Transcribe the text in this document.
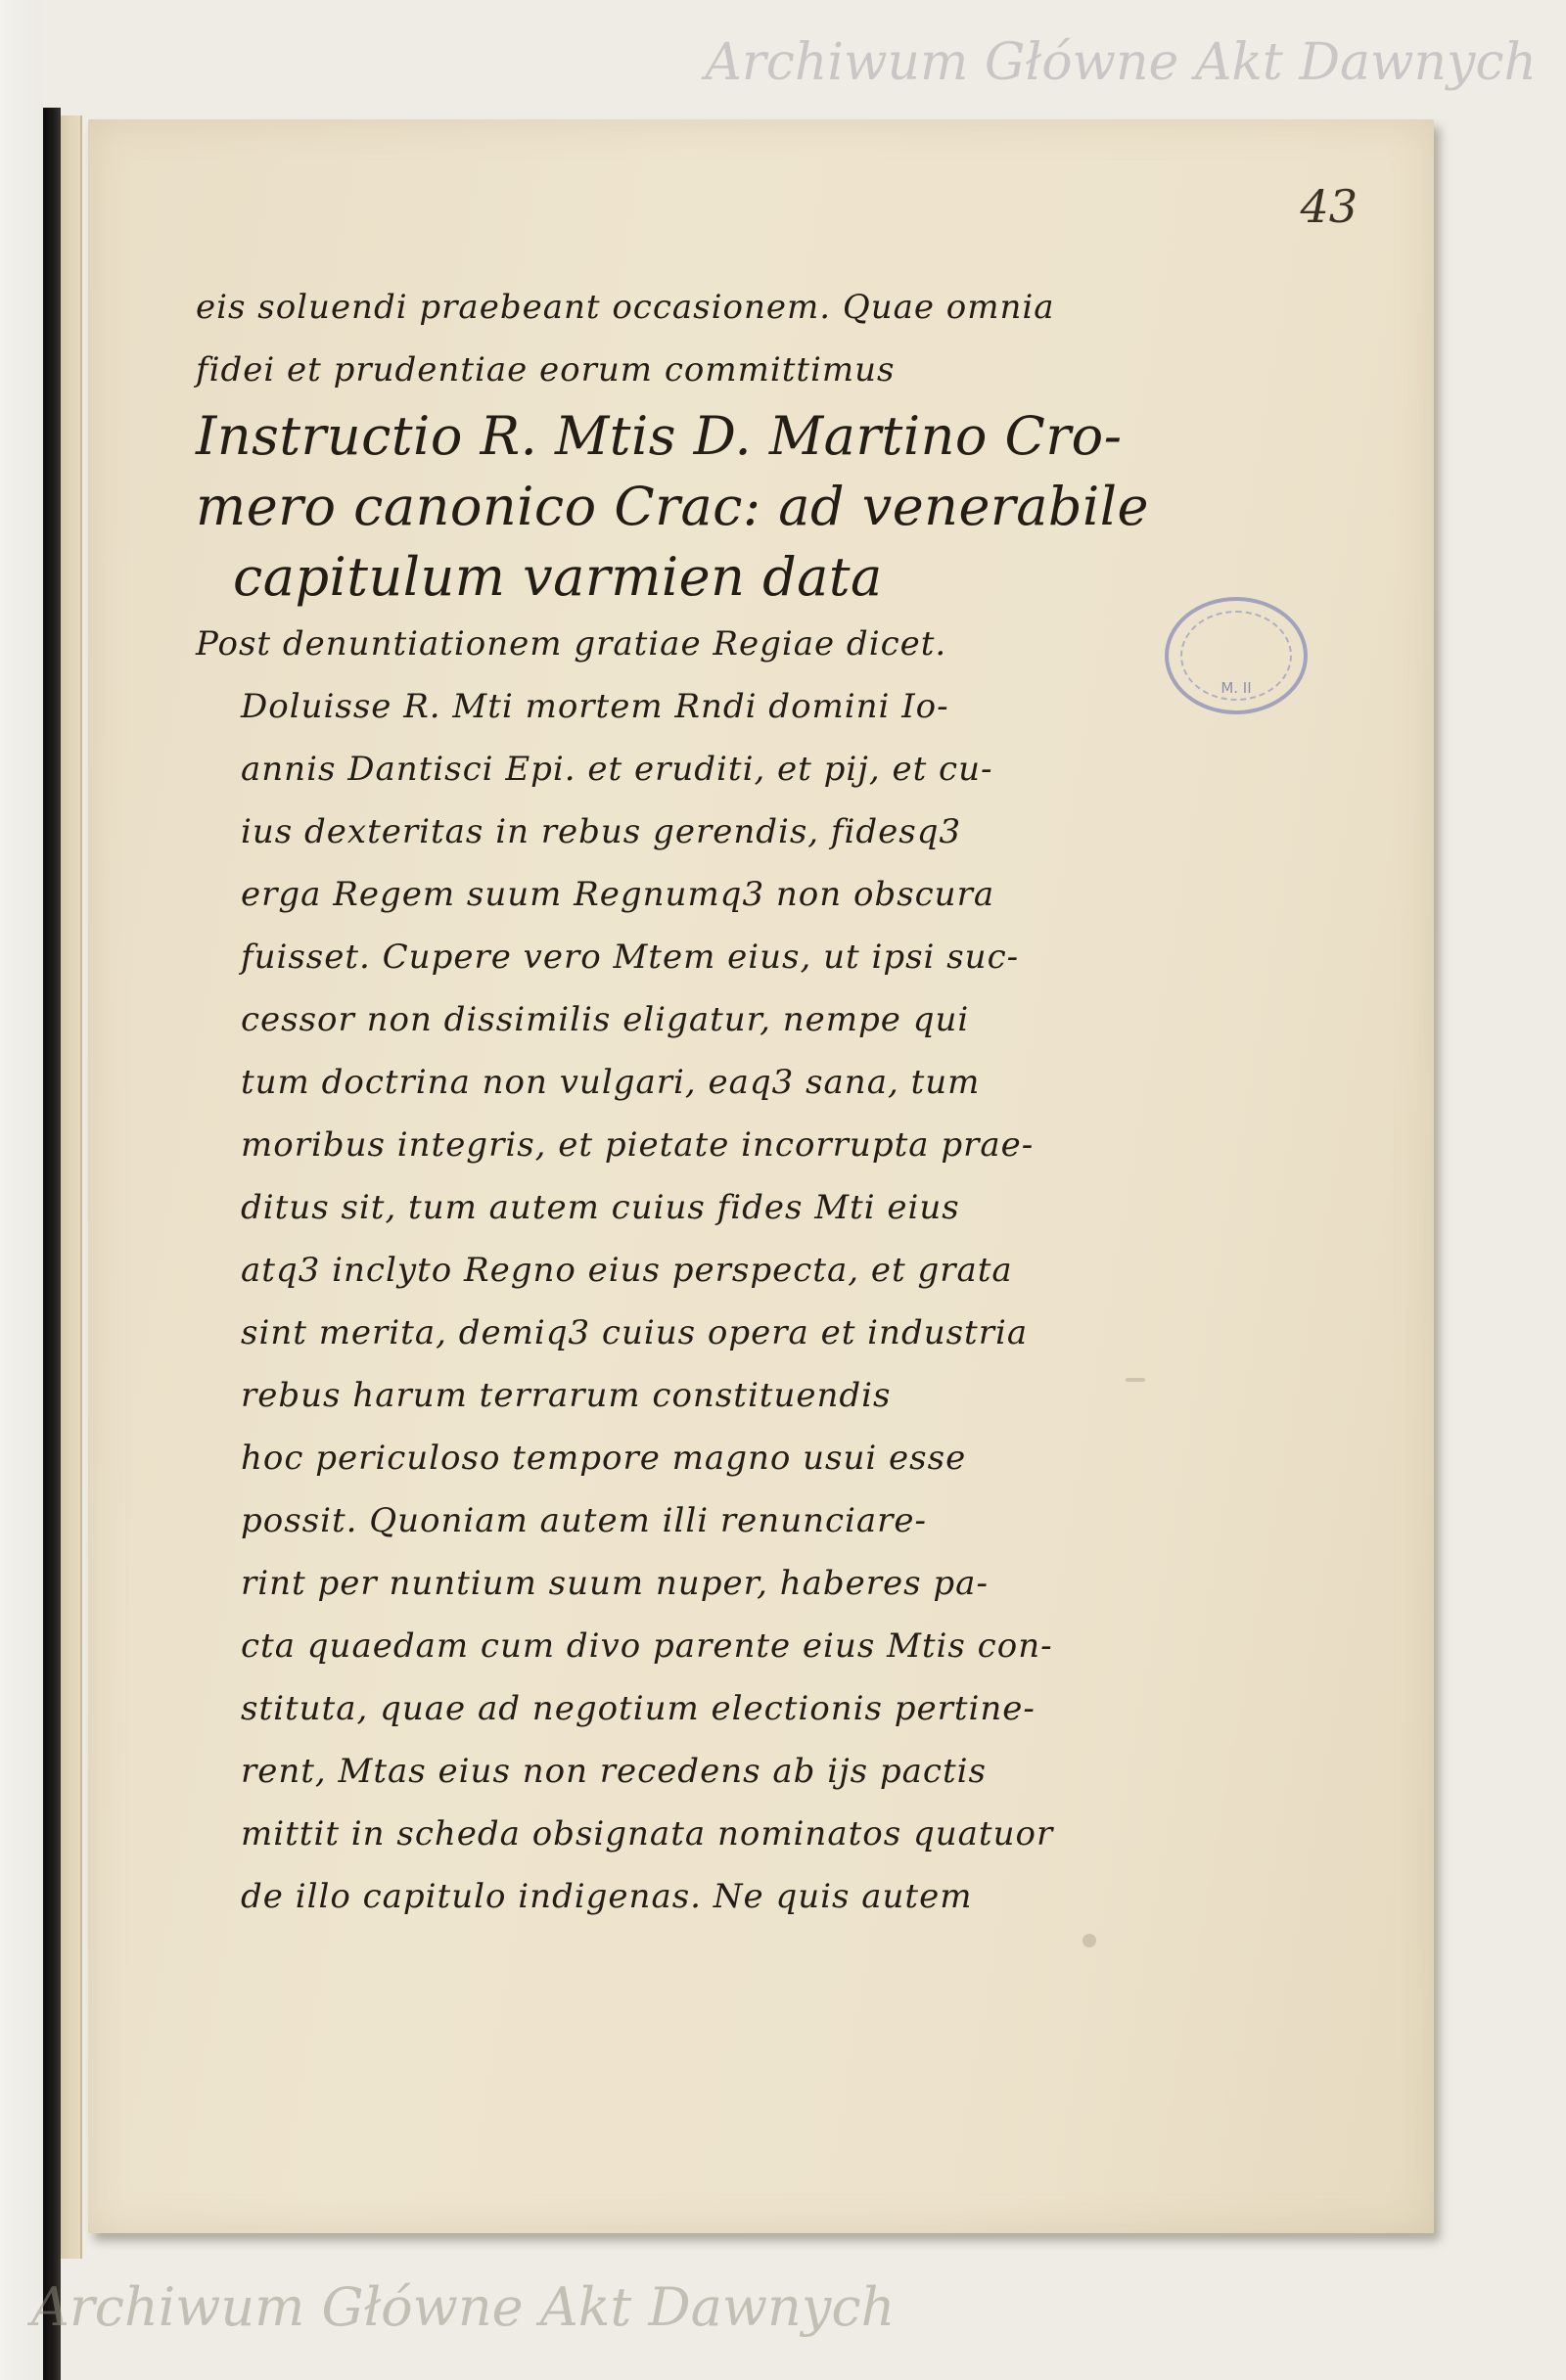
Archiwum Główne Akt Dawnych
43
M. II
eis soluendi praebeant occasionem. Quae omnia
fidei et prudentiae eorum committimus
Instructio R. Mtis D. Martino Cro-
mero canonico Crac: ad venerabile
capitulum varmien data
Post denuntiationem gratiae Regiae dicet.
Doluisse R. Mti mortem Rndi domini Io-
annis Dantisci Epi. et eruditi, et pij, et cu-
ius dexteritas in rebus gerendis, fidesq3
erga Regem suum Regnumq3 non obscura
fuisset. Cupere vero Mtem eius, ut ipsi suc-
cessor non dissimilis eligatur, nempe qui
tum doctrina non vulgari, eaq3 sana, tum
moribus integris, et pietate incorrupta prae-
ditus sit, tum autem cuius fides Mti eius
atq3 inclyto Regno eius perspecta, et grata
sint merita, demiq3 cuius opera et industria
rebus harum terrarum constituendis
hoc periculoso tempore magno usui esse
possit. Quoniam autem illi renunciare-
rint per nuntium suum nuper, haberes pa-
cta quaedam cum divo parente eius Mtis con-
stituta, quae ad negotium electionis pertine-
rent, Mtas eius non recedens ab ijs pactis
mittit in scheda obsignata nominatos quatuor
de illo capitulo indigenas. Ne quis autem
Archiwum Główne Akt Dawnych
